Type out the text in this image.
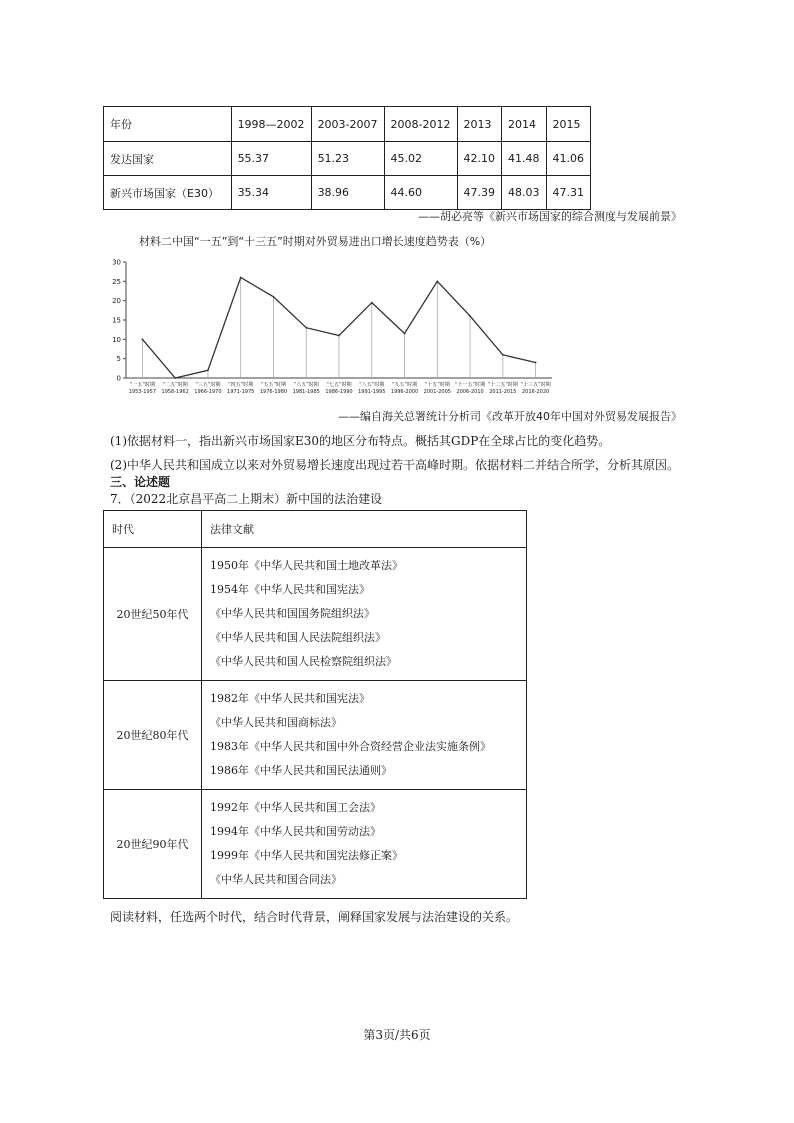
年份	1998—2002	2003-2007	2008-2012	2013	2014	2015
发达国家	55.37	51.23	45.02	42.10	41.48	41.06
新兴市场国家（E30）	35.34	38.96	44.60	47.39	48.03	47.31
——胡必亮等《新兴市场国家的综合测度与发展前景》
材料二中国“一五”到“十三五”时期对外贸易进出口增长速度趋势表（%）
0
5
10
15
20
25
30
“一五”时期
1953-1957
“二五”时期
1958-1962
“三五”时期
1966-1970
“四五”时期
1971-1975
“五五”时期
1976-1980
“六五”时期
1981-1985
“七五”时期
1986-1990
“八五”时期
1991-1995
“九五”时期
1996-2000
“十五”时期
2001-2005
“十一五”时期
2006-2010
“十二五”时期
2011-2015
“十三五”时期
2016-2020
——编自海关总署统计分析司《改革开放40年中国对外贸易发展报告》
(1)依据材料一，指出新兴市场国家E30的地区分布特点。概括其GDP在全球占比的变化趋势。
(2)中华人民共和国成立以来对外贸易增长速度出现过若干高峰时期。依据材料二并结合所学，分析其原因。
三、论述题
7．（2022北京昌平高二上期末）新中国的法治建设
时代	法律文献
20世纪50年代	1950年《中华人民共和国土地改革法》
1954年《中华人民共和国宪法》
《中华人民共和国国务院组织法》
《中华人民共和国人民法院组织法》
《中华人民共和国人民检察院组织法》

20世纪80年代	1982年《中华人民共和国宪法》
《中华人民共和国商标法》
1983年《中华人民共和国中外合资经营企业法实施条例》
1986年《中华人民共和国民法通则》

20世纪90年代	1992年《中华人民共和国工会法》
1994年《中华人民共和国劳动法》
1999年《中华人民共和国宪法修正案》
《中华人民共和国合同法》
阅读材料，任选两个时代，结合时代背景，阐释国家发展与法治建设的关系。
第3页/共6页
